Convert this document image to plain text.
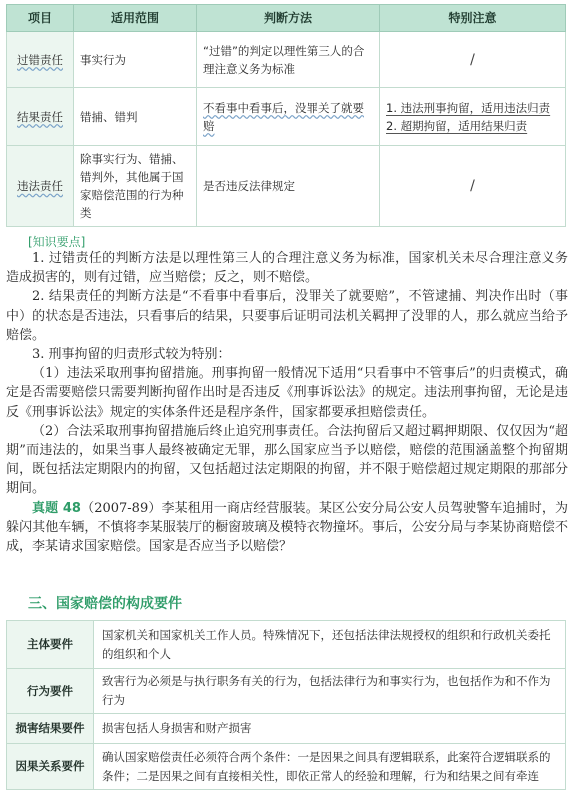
项目	适用范围	判断方法	特别注意
过错责任	事实行为	“过错”的判定以理性第三人的合理注意义务为标准	/
结果责任	错捕、错判	不看事中看事后，没罪关了就要赔	1. 违法刑事拘留，适用违法归责
2. 超期拘留，适用结果归责
违法责任	除事实行为、错捕、错判外，其他属于国家赔偿范围的行为种类	是否违反法律规定	/
[知识要点]

1. 过错责任的判断方法是以理性第三人的合理注意义务为标准，国家机关未尽合理注意义务造成损害的，则有过错，应当赔偿；反之，则不赔偿。

2. 结果责任的判断方法是“不看事中看事后，没罪关了就要赔”，不管逮捕、判决作出时（事中）的状态是否违法，只看事后的结果，只要事后证明司法机关羁押了没罪的人，那么就应当给予赔偿。

3. 刑事拘留的归责形式较为特别：

（1）违法采取刑事拘留措施。刑事拘留一般情况下适用“只看事中不管事后”的归责模式，确定是否需要赔偿只需要判断拘留作出时是否违反《刑事诉讼法》的规定。违法刑事拘留，无论是违反《刑事诉讼法》规定的实体条件还是程序条件，国家都要承担赔偿责任。

（2）合法采取刑事拘留措施后终止追究刑事责任。合法拘留后又超过羁押期限、仅仅因为“超期”而违法的，如果当事人最终被确定无罪，那么国家应当予以赔偿，赔偿的范围涵盖整个拘留期间，既包括法定期限内的拘留，又包括超过法定期限的拘留，并不限于赔偿超过规定期限的那部分期间。

真题 48（2007-89）李某租用一商店经营服装。某区公安分局公安人员驾驶警车追捕时，为躲闪其他车辆，不慎将李某服装厅的橱窗玻璃及模特衣物撞坏。事后，公安分局与李某协商赔偿不成，李某请求国家赔偿。国家是否应当予以赔偿？

三、国家赔偿的构成要件
主体要件	国家机关和国家机关工作人员。特殊情况下，还包括法律法规授权的组织和行政机关委托的组织和个人
行为要件	致害行为必须是与执行职务有关的行为，包括法律行为和事实行为，也包括作为和不作为行为
损害结果要件	损害包括人身损害和财产损害
因果关系要件	确认国家赔偿责任必须符合两个条件：一是因果之间具有逻辑联系，此案符合逻辑联系的条件；二是因果之间有直接相关性，即依正常人的经验和理解，行为和结果之间有牵连
